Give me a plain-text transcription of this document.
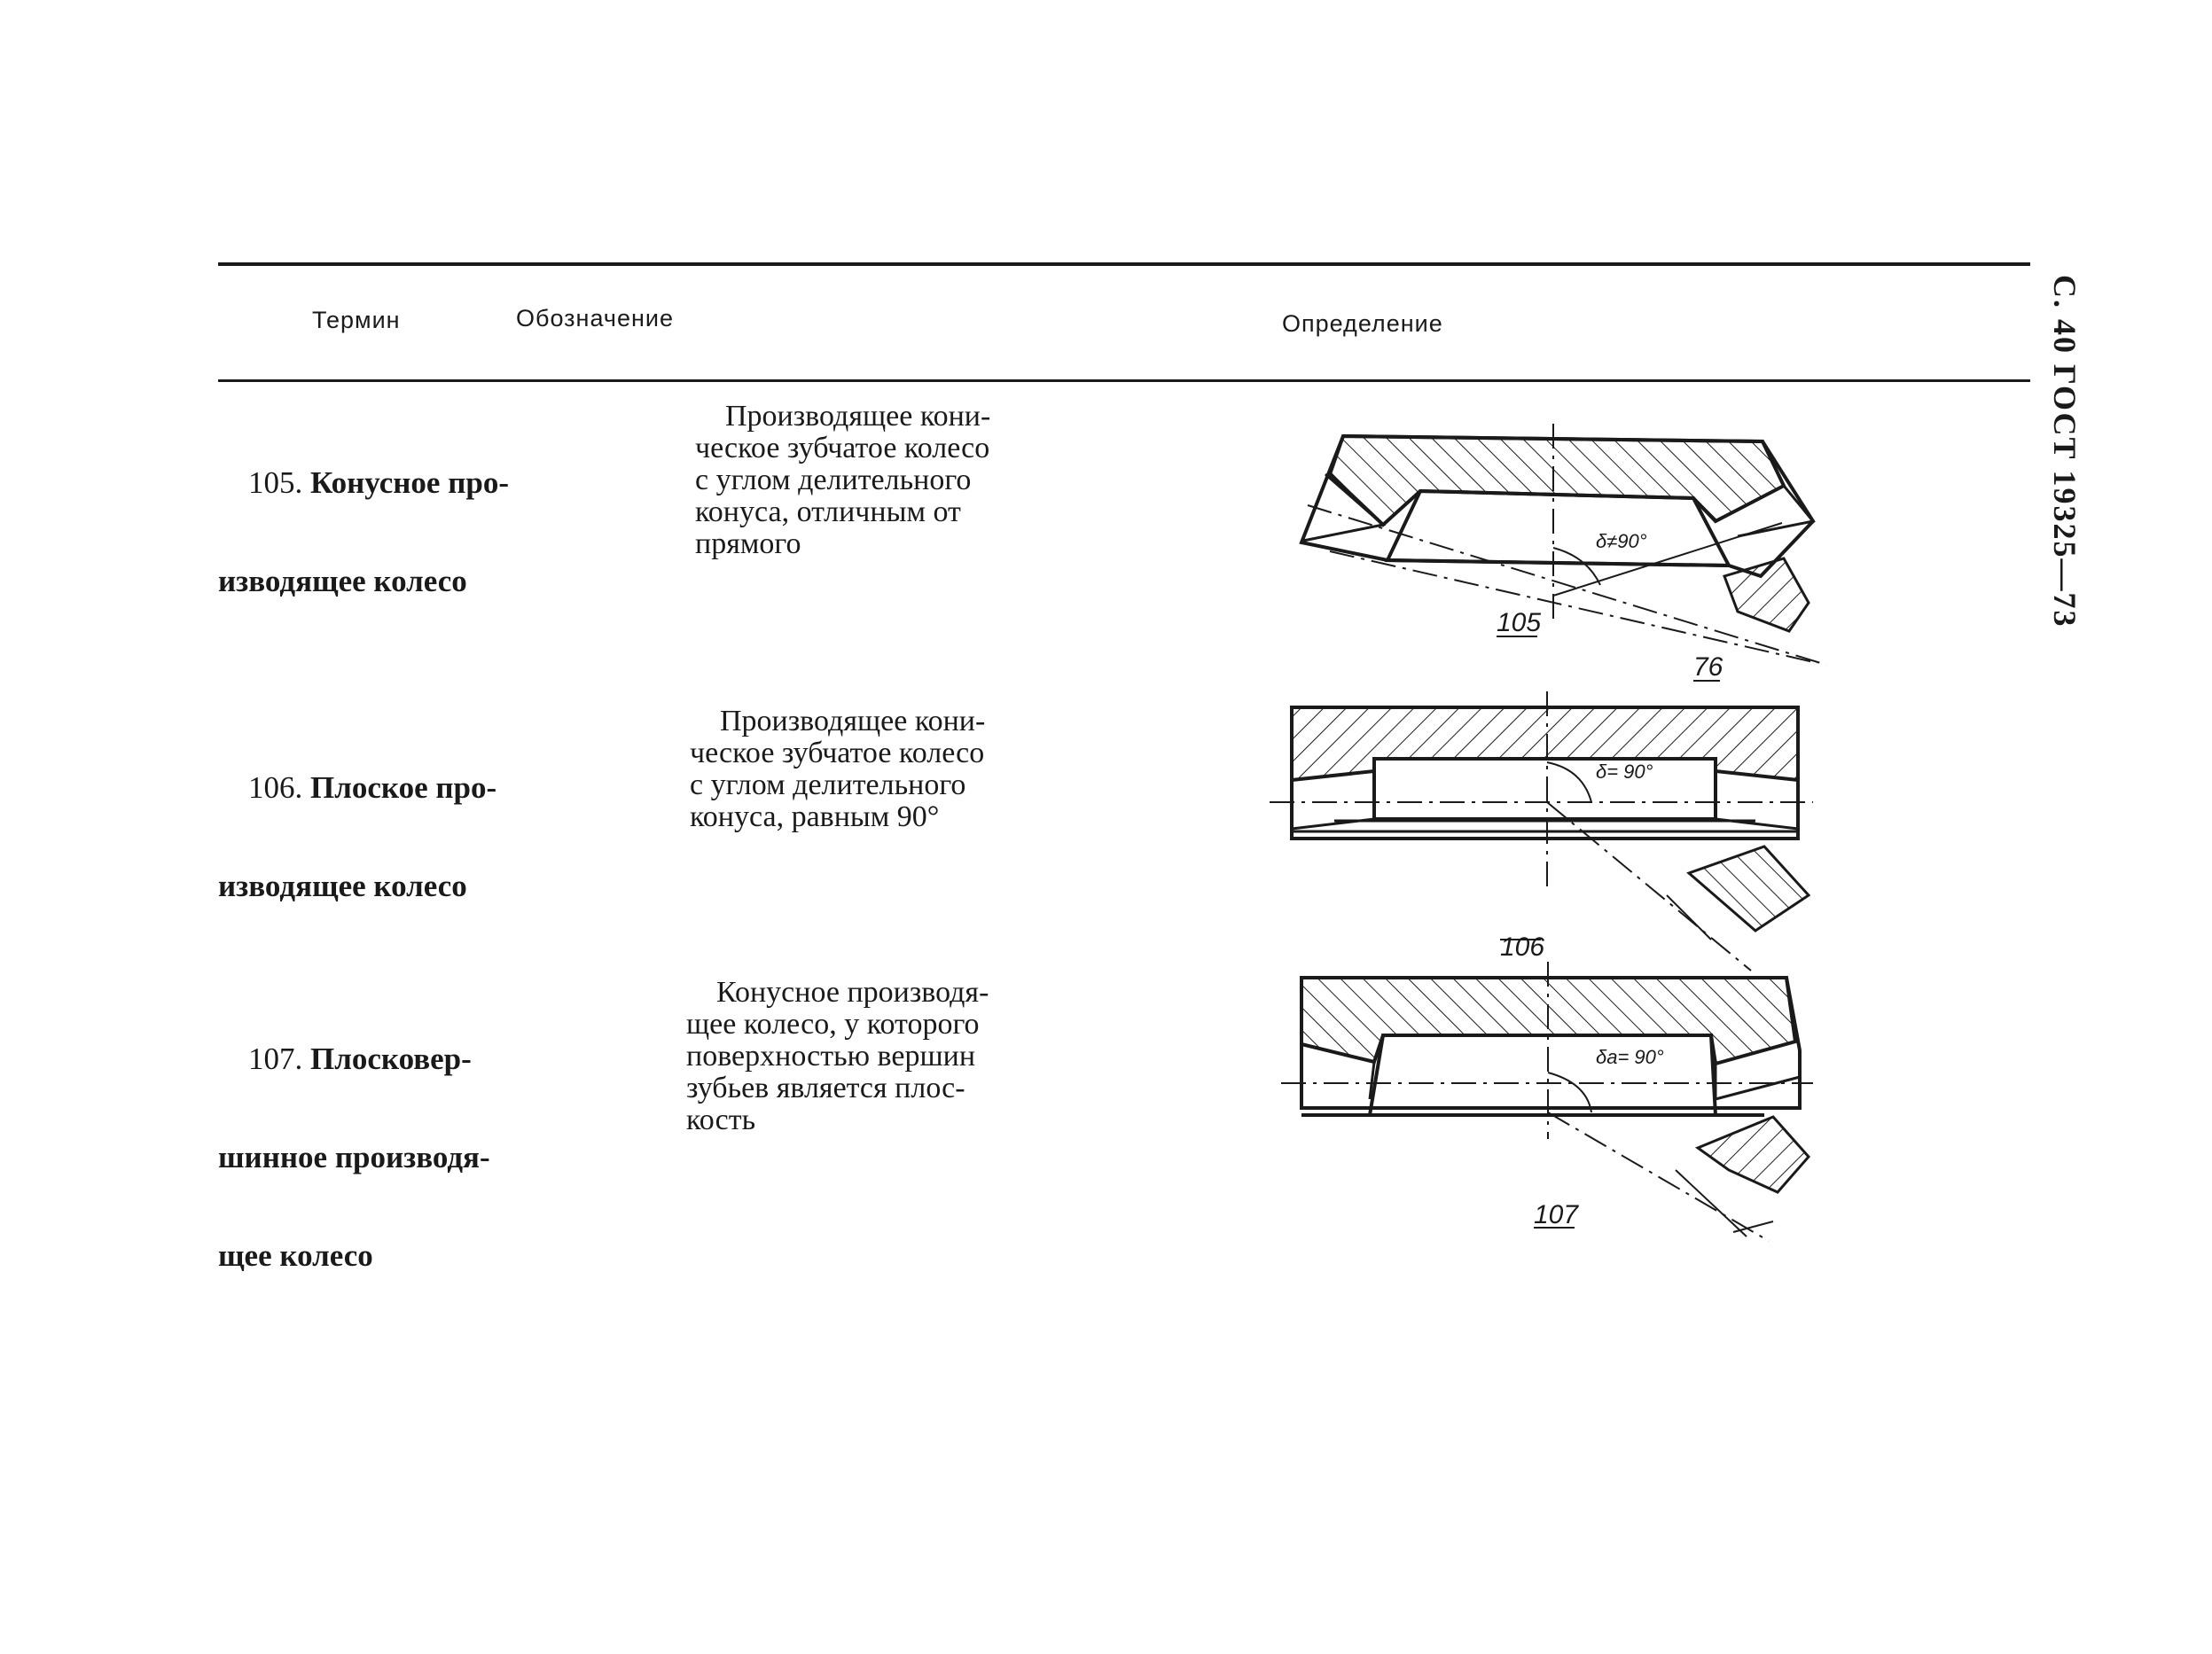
С. 40 ГОСТ 19325—73
Термин	Обозначение	Определение

105. Конусное про-

изводящее колесо

Производящее кони-
ческое зубчатое колесо
с углом делительного
конуса, отличным от
прямого

106. Плоское про-

изводящее колесо

Производящее кони-
ческое зубчатое колесо
с углом делительного
конуса, равным 90°

107. Плосковер-

шинное производя-

щее колесо

Конусное производя-
щее колесо, у которого
поверхностью вершин
зубьев является плос-
кость
δ≠90°
105
76
δ= 90°
106
δa= 90°
107
